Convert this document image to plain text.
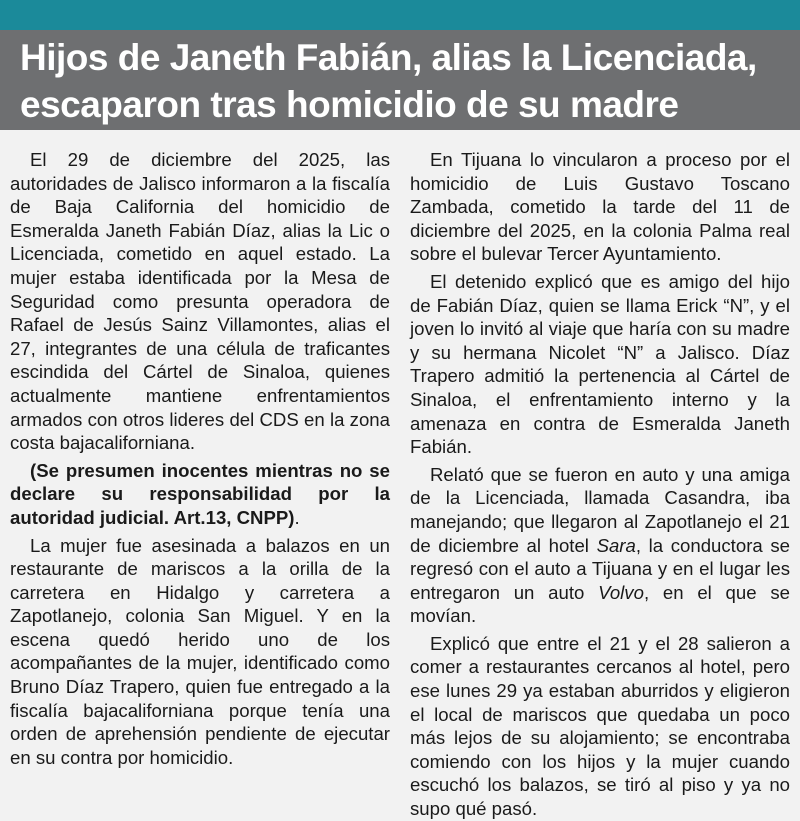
Hijos de Janeth Fabián, alias la Licenciada,
escaparon tras homicidio de su madre

El 29 de diciembre del 2025, las autoridades de Jalisco informaron a la fiscalía de Baja California del homicidio de Esmeralda Janeth Fabián Díaz, alias la Lic o Licenciada, cometido en aquel estado. La mujer estaba identificada por la Mesa de Seguridad como presunta operadora de Rafael de Jesús Sainz Villamontes, alias el 27, integrantes de una célula de traficantes escindida del Cártel de Sinaloa, quienes actualmente mantiene enfrentamientos armados con otros lideres del CDS en la zona costa bajacaliforniana.

(Se presumen inocentes mientras no se declare su responsabilidad por la autoridad judicial. Art.13, CNPP).

La mujer fue asesinada a balazos en un restaurante de mariscos a la orilla de la carretera en Hidalgo y carretera a Zapotlanejo, colonia San Miguel. Y en la escena quedó herido uno de los acompañantes de la mujer, identificado como Bruno Díaz Trapero, quien fue entregado a la fiscalía bajacaliforniana porque tenía una orden de aprehensión pendiente de ejecutar en su contra por homicidio.

En Tijuana lo vincularon a proceso por el homicidio de Luis Gustavo Toscano Zambada, cometido la tarde del 11 de diciembre del 2025, en la colonia Palma real sobre el bulevar Tercer Ayuntamiento.

El detenido explicó que es amigo del hijo de Fabián Díaz, quien se llama Erick “N”, y el joven lo invitó al viaje que haría con su madre y su hermana Nicolet “N” a Jalisco. Díaz Trapero admitió la pertenencia al Cártel de Sinaloa, el enfrentamiento interno y la amenaza en contra de Esmeralda Janeth Fabián.

Relató que se fueron en auto y una amiga de la Licenciada, llamada Casandra, iba manejando; que llegaron al Zapotlanejo el 21 de diciembre al hotel Sara, la conductora se regresó con el auto a Tijuana y en el lugar les entregaron un auto Volvo, en el que se movían.

Explicó que entre el 21 y el 28 salieron a comer a restaurantes cercanos al hotel, pero ese lunes 29 ya estaban aburridos y eligieron el local de mariscos que quedaba un poco más lejos de su alojamiento; se encontraba comiendo con los hijos y la mujer cuando escuchó los balazos, se tiró al piso y ya no supo qué pasó.
